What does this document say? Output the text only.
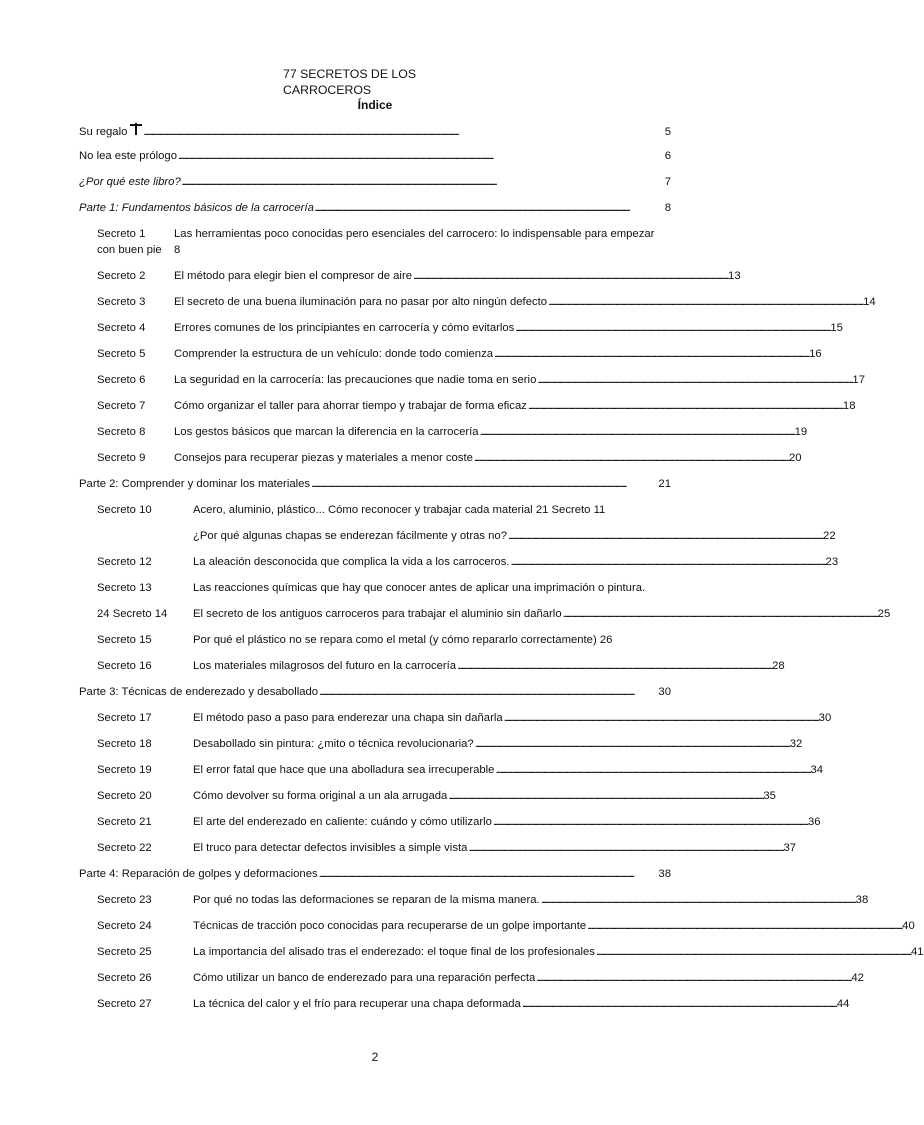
77 SECRETOS DE LOS
CARROCEROS
Índice
Su regalo . . .	5
No lea este prólogo . . .	6
¿Por qué este libro? . . .	7
Parte 1: Fundamentos básicos de la carrocería . . .	8
Secreto 1	Las herramientas poco conocidas pero esenciales del carrocero: lo indispensable para empezar
con buen pie 8
Secreto 2	El método para elegir bien el compresor de aire . . .	13
Secreto 3	El secreto de una buena iluminación para no pasar por alto ningún defecto . . .	14
Secreto 4	Errores comunes de los principiantes en carrocería y cómo evitarlos . . .	15
Secreto 5	Comprender la estructura de un vehículo: donde todo comienza . . .	16
Secreto 6	La seguridad en la carrocería: las precauciones que nadie toma en serio . . .	17
Secreto 7	Cómo organizar el taller para ahorrar tiempo y trabajar de forma eficaz . . .	18
Secreto 8	Los gestos básicos que marcan la diferencia en la carrocería . . .	19
Secreto 9	Consejos para recuperar piezas y materiales a menor coste . . .	20
Parte 2: Comprender y dominar los materiales . . .	21
Secreto 10	Acero, aluminio, plástico... Cómo reconocer y trabajar cada material 21 Secreto 11
¿Por qué algunas chapas se enderezan fácilmente y otras no? . . .	22
Secreto 12	La aleación desconocida que complica la vida a los carroceros. . . .	23
Secreto 13	Las reacciones químicas que hay que conocer antes de aplicar una imprimación o pintura.
24 Secreto 14	El secreto de los antiguos carroceros para trabajar el aluminio sin dañarlo . . .	25
Secreto 15	Por qué el plástico no se repara como el metal (y cómo repararlo correctamente) 26
Secreto 16	Los materiales milagrosos del futuro en la carrocería . . .	28
Parte 3: Técnicas de enderezado y desabollado . . .	30
Secreto 17	El método paso a paso para enderezar una chapa sin dañarla . . .	30
Secreto 18	Desabollado sin pintura: ¿mito o técnica revolucionaria? . . .	32
Secreto 19	El error fatal que hace que una abolladura sea irrecuperable . . .	34
Secreto 20	Cómo devolver su forma original a un ala arrugada . . .	35
Secreto 21	El arte del enderezado en caliente: cuándo y cómo utilizarlo . . .	36
Secreto 22	El truco para detectar defectos invisibles a simple vista . . .	37
Parte 4: Reparación de golpes y deformaciones . . .	38
Secreto 23	Por qué no todas las deformaciones se reparan de la misma manera. . . .	38
Secreto 24	Técnicas de tracción poco conocidas para recuperarse de un golpe importante . . .	40
Secreto 25	La importancia del alisado tras el enderezado: el toque final de los profesionales . . .	41
Secreto 26	Cómo utilizar un banco de enderezado para una reparación perfecta . . .	42
Secreto 27	La técnica del calor y el frío para recuperar una chapa deformada . . .	44
2
